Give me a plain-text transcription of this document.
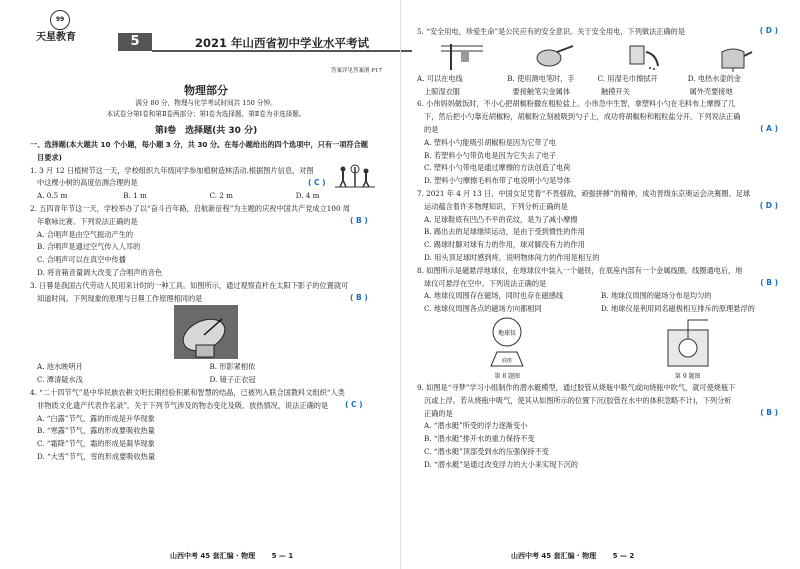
99
天星教育	5	2021 年山西省初中学业水平考试
答案详见答案册 P17
物理部分
满分 80 分，物理与化学考试时间共 150 分钟。
本试卷分第Ⅰ卷和第Ⅱ卷两部分；第Ⅰ卷为选择题，第Ⅱ卷为非选择题。
第Ⅰ卷　选择题(共 30 分)
一、选择题(本大题共 10 个小题，每小题 3 分，共 30 分。在每小题给出的四个选项中，只有一项符合题
目要求)
1. 3 月 12 日植树节这一天，学校组织九年级同学参加植树造林活动.根据图片信息，对图
中这棵小树的高度估测合理的是	( C )
A. 0.5 m	B. 1 m	C. 2 m	D. 4 m
2. 五四青年节这一天，学校举办了以“奋斗百年路，启航新征程”为主题的庆祝中国共产党成立100 周
年歌咏比赛。下列说法正确的是	( B )
A. 合唱声是由空气振动产生的
B. 合唱声是通过空气传入人耳的
C. 合唱声可以在真空中传播
D. 将音箱音量调大改变了合唱声的音色
3. 日晷是我国古代劳动人民用来计时的一种工具。如图所示，通过观察直杆在太阳下影子的位置就可
知道时间。下列现象的原理与日晷工作原理相同的是	( B )
A. 池水映明月	B. 形影紧相依
C. 潭清疑水浅	D. 镜子正衣冠
4. “二十四节气”是中华民族农耕文明长期经验积累和智慧的结晶，已被列入联合国教科文组织“人类
非物质文化遗产代表作名录”。关于下列节气涉及的物态变化及吸、放热情况，说法正确的是	( C )
A. “白露”节气，露的形成是升华现象
B. “寒露”节气，露的形成要吸收热量
C. “霜降”节气，霜的形成是凝华现象
D. “大雪”节气，雪的形成要吸收热量
山西中考 45 套汇编 · 物理 5 — 1
5. “安全用电，珍爱生命”是公民应有的安全意识。关于安全用电，下列做法正确的是	( D )
A. 可以在电线	B. 使用测电笔时，手	C. 用湿毛巾擦拭开	D. 电热水壶的金
上晾湿衣服	要接触笔尖金属体	触摸开关	属外壳要接地
6. 小伟妈妈做饭时，不小心把胡椒粉撒在粗粒盐上。小伟急中生智，拿塑料小勺在毛料布上摩擦了几
下，然后把小勺靠近胡椒粉，胡椒粉立刻被吸到勺子上，成功将胡椒粉和粗粒盐分开。下列说法正确
的是	( A )
A. 塑料小勺能吸引胡椒粉是因为它带了电
B. 若塑料小勺带负电是因为它失去了电子
C. 塑料小勺带电是通过摩擦的方法创造了电荷
D. 塑料小勺摩擦毛料布带了电说明小勺是导体
7. 2021 年 4 月 13 日，中国女足凭着“不畏强敌，顽强拼搏”的精神，成功晋级东京奥运会决赛圈。足球
运动蕴含着许多物理知识，下列分析正确的是	( D )
A. 足球鞋底有凹凸不平的花纹，是为了减小摩擦
B. 踢出去的足球继续运动，是由于受到惯性的作用
C. 踢球时脚对球有力的作用，球对脚没有力的作用
D. 用头顶足球时感到疼，说明物体间力的作用是相互的
8. 如图所示是磁悬浮地球仪，在地球仪中装入一个磁铁，在底座内部有一个金属线圈，线圈通电后，地
球仪可悬浮在空中。下列说法正确的是	( B )
A. 地球仪周围存在磁场，同时也存在磁感线	B. 地球仪周围的磁场分布是均匀的
C. 地球仪周围各点的磁场方向都相同	D. 地球仪是利用同名磁极相互排斥的原理悬浮的
地球仪
底座
第 8 题图	第 9 题图
9. 如图是“寻梦”学习小组制作的潜水艇模型，通过胶管从烧瓶中吸气或向烧瓶中吹气，就可使烧瓶下
沉或上浮。若从烧瓶中吸气，使其从如图所示的位置下沉(胶管在水中的体积忽略不计)，下列分析
正确的是	( B )
A. “潜水艇”所受的浮力逐渐变小
B. “潜水艇”排开水的重力保持不变
C. “潜水艇”顶部受到水的压强保持不变
D. “潜水艇”是通过改变浮力的大小来实现下沉的
山西中考 45 套汇编 · 物理 5 — 2
